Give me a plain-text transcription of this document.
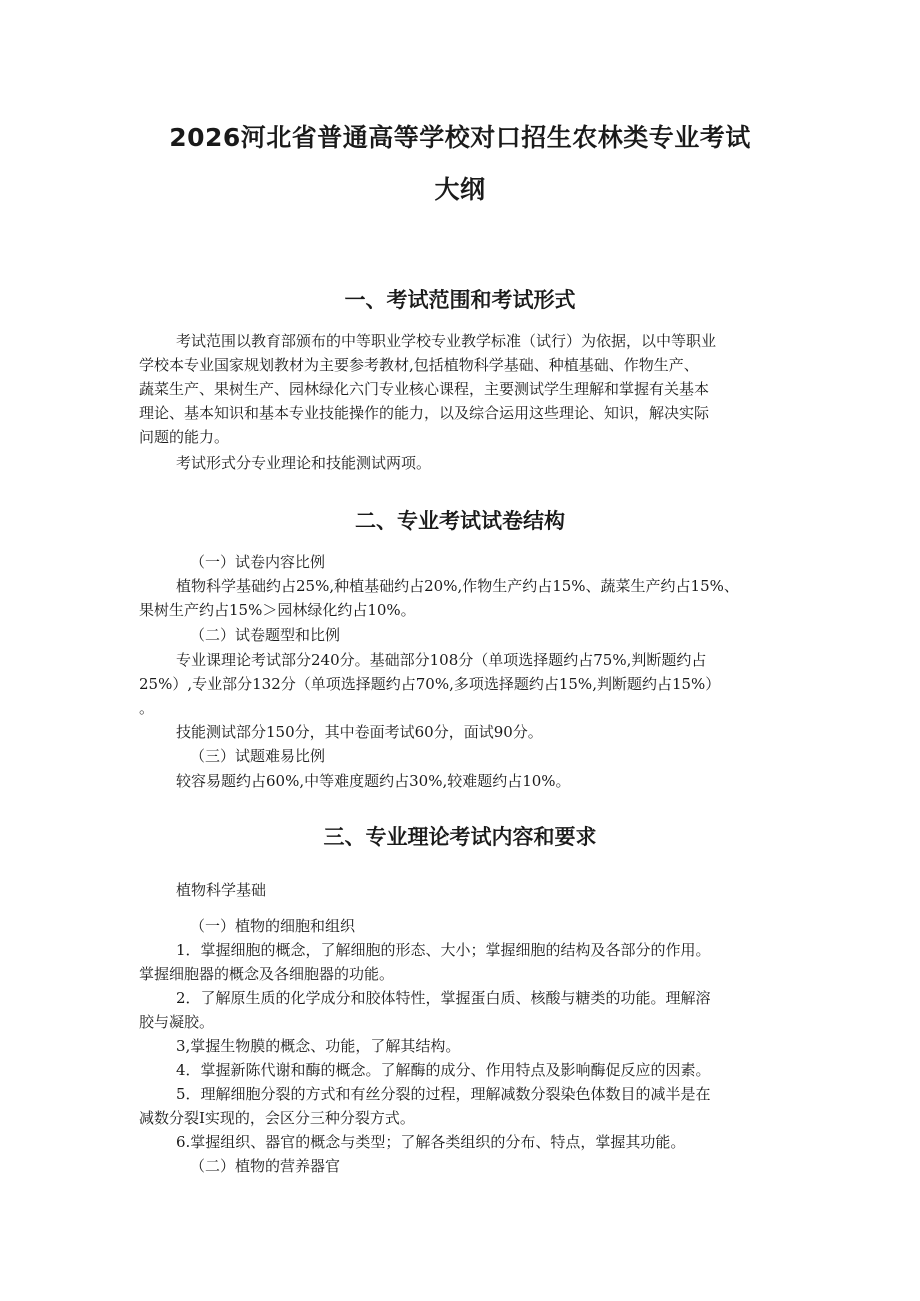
2026河北省普通高等学校对口招生农林类专业考试
大纲
一、考试范围和考试形式

考试范围以教育部颁布的中等职业学校专业教学标准（试行）为依据，以中等职业

学校本专业国家规划教材为主要参考教材,包括植物科学基础、种植基础、作物生产、

蔬菜生产、果树生产、园林绿化六门专业核心课程，主要测试学生理解和掌握有关基本

理论、基本知识和基本专业技能操作的能力，以及综合运用这些理论、知识，解决实际

问题的能力。

考试形式分专业理论和技能测试两项。

二、专业考试试卷结构

（一）试卷内容比例

植物科学基础约占25%,种植基础约占20%,作物生产约占15%、蔬菜生产约占15%、

果树生产约占15%＞园林绿化约占10%。

（二）试卷题型和比例

专业课理论考试部分240分。基础部分108分（单项选择题约占75%,判断题约占

25%）,专业部分132分（单项选择题约占70%,多项选择题约占15%,判断题约占15%）

。

技能测试部分150分，其中卷面考试60分，面试90分。

（三）试题难易比例

较容易题约占60%,中等难度题约占30%,较难题约占10%。

三、专业理论考试内容和要求

植物科学基础

（一）植物的细胞和组织

1．掌握细胞的概念，了解细胞的形态、大小；掌握细胞的结构及各部分的作用。

掌握细胞器的概念及各细胞器的功能。

2．了解原生质的化学成分和胶体特性，掌握蛋白质、核酸与糖类的功能。理解溶

胶与凝胶。

3,掌握生物膜的概念、功能，了解其结构。

4．掌握新陈代谢和酶的概念。了解酶的成分、作用特点及影响酶促反应的因素。

5．理解细胞分裂的方式和有丝分裂的过程，理解减数分裂染色体数目的减半是在

减数分裂Ⅰ实现的，会区分三种分裂方式。

6.掌握组织、器官的概念与类型；了解各类组织的分布、特点，掌握其功能。

（二）植物的营养器官
